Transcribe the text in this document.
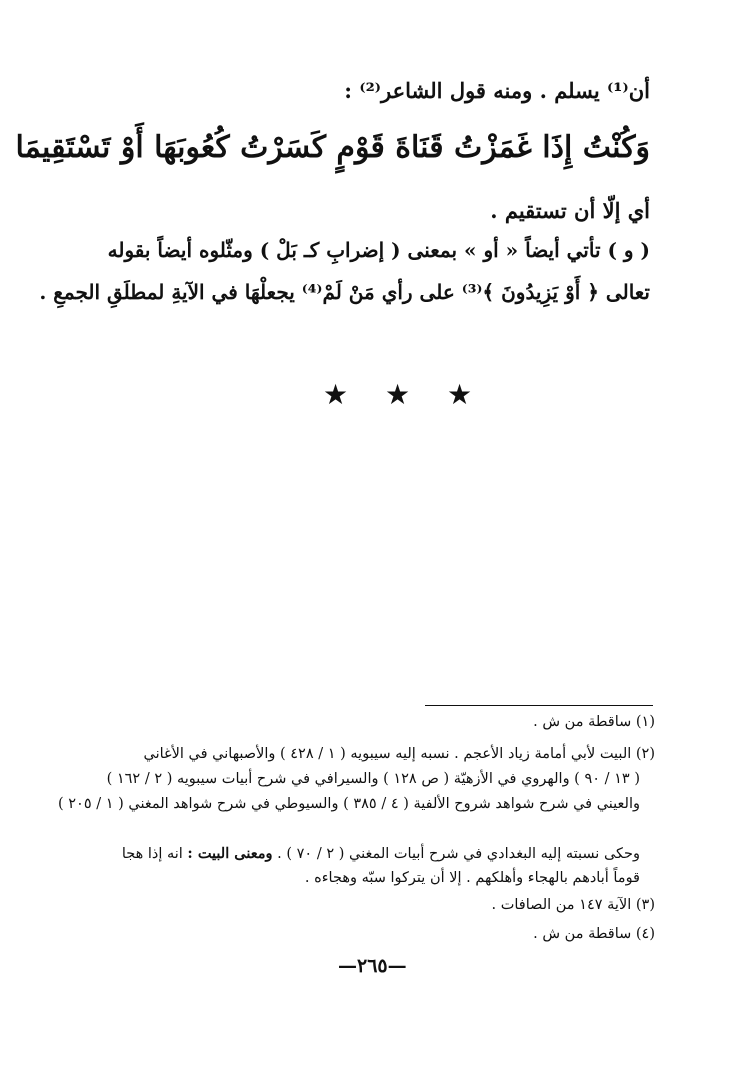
أن⁽¹⁾ يسلم . ومنه قول الشاعر⁽²⁾ :
وَكُنْتُ إِذَا غَمَزْتُ قَنَاةَ قَوْمٍ كَسَرْتُ كُعُوبَهَا أَوْ تَسْتَقِيمَا
أي إلّا أن تستقيم .
( و ) تأتي أيضاً « أو » بمعنى ( إضرابِ كـ بَلْ ) ومثّلوه أيضاً بقوله
تعالى ﴿ أَوْ يَزِيدُونَ ﴾⁽³⁾ على رأي مَنْ لَمْ⁽⁴⁾ يجعلْهَا في الآيةِ لمطلَقِ الجمعِ .
★ ★ ★
(١) ساقطة من ش .
(٢) البيت لأبي أمامة زياد الأعجم . نسبه إليه سيبويه ( ١ / ٤٢٨ ) والأصبهاني في الأغاني
( ١٣ / ٩٠ ) والهروي في الأزهيّة ( ص ١٢٨ ) والسيرافي في شرح أبيات سيبويه ( ٢ / ١٦٢ )
والعيني في شرح شواهد شروح الألفية ( ٤ / ٣٨٥ ) والسيوطي في شرح شواهد المغني ( ١ / ٢٠٥ )
وحكى نسبته إليه البغدادي في شرح أبيات المغني ( ٢ / ٧٠ ) . ومعنى البيت : انه إذا هجا
قوماً أبادهم بالهجاء وأهلكهم . إلا أن يتركوا سبّه وهجاءه .
(٣) الآية ١٤٧ من الصافات .
(٤) ساقطة من ش .
—٢٦٥—
